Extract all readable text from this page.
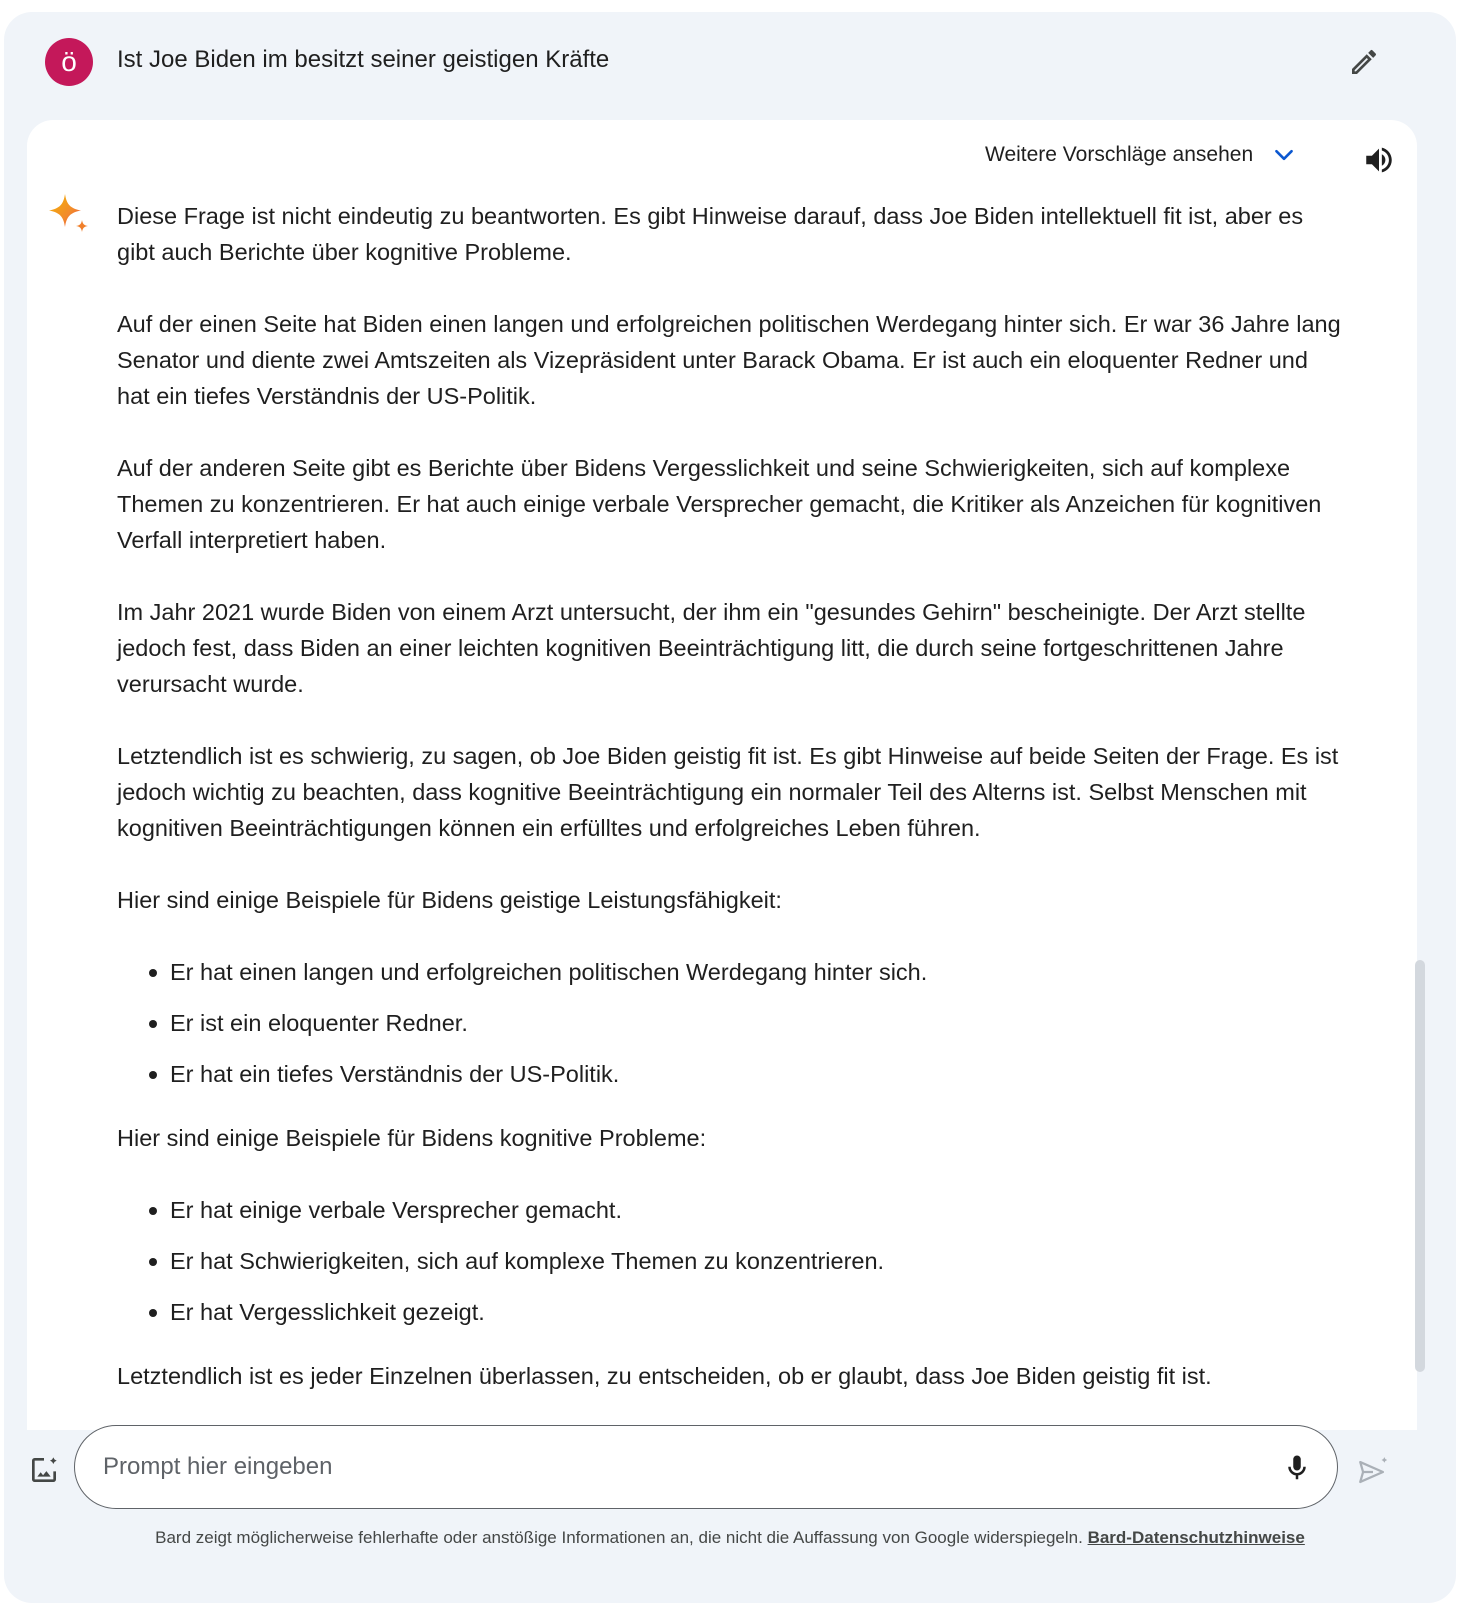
ö	Ist Joe Biden im besitzt seiner geistigen Kräfte
Weitere Vorschläge ansehen

Diese Frage ist nicht eindeutig zu beantworten. Es gibt Hinweise darauf, dass Joe Biden intellektuell fit ist, aber es gibt auch Berichte über kognitive Probleme.

Auf der einen Seite hat Biden einen langen und erfolgreichen politischen Werdegang hinter sich. Er war 36 Jahre lang Senator und diente zwei Amtszeiten als Vizepräsident unter Barack Obama. Er ist auch ein eloquenter Redner und hat ein tiefes Verständnis der US-Politik.

Auf der anderen Seite gibt es Berichte über Bidens Vergesslichkeit und seine Schwierigkeiten, sich auf komplexe Themen zu konzentrieren. Er hat auch einige verbale Versprecher gemacht, die Kritiker als Anzeichen für kognitiven Verfall interpretiert haben.

Im Jahr 2021 wurde Biden von einem Arzt untersucht, der ihm ein "gesundes Gehirn" bescheinigte. Der Arzt stellte jedoch fest, dass Biden an einer leichten kognitiven Beeinträchtigung litt, die durch seine fortgeschrittenen Jahre verursacht wurde.

Letztendlich ist es schwierig, zu sagen, ob Joe Biden geistig fit ist. Es gibt Hinweise auf beide Seiten der Frage. Es ist jedoch wichtig zu beachten, dass kognitive Beeinträchtigung ein normaler Teil des Alterns ist. Selbst Menschen mit kognitiven Beeinträchtigungen können ein erfülltes und erfolgreiches Leben führen.

Hier sind einige Beispiele für Bidens geistige Leistungsfähigkeit:

Er hat einen langen und erfolgreichen politischen Werdegang hinter sich.
Er ist ein eloquenter Redner.
Er hat ein tiefes Verständnis der US-Politik.

Hier sind einige Beispiele für Bidens kognitive Probleme:

Er hat einige verbale Versprecher gemacht.
Er hat Schwierigkeiten, sich auf komplexe Themen zu konzentrieren.
Er hat Vergesslichkeit gezeigt.

Letztendlich ist es jeder Einzelnen überlassen, zu entscheiden, ob er glaubt, dass Joe Biden geistig fit ist.

Prompt hier eingeben
Bard zeigt möglicherweise fehlerhafte oder anstößige Informationen an, die nicht die Auffassung von Google widerspiegeln. Bard-Datenschutzhinweise
